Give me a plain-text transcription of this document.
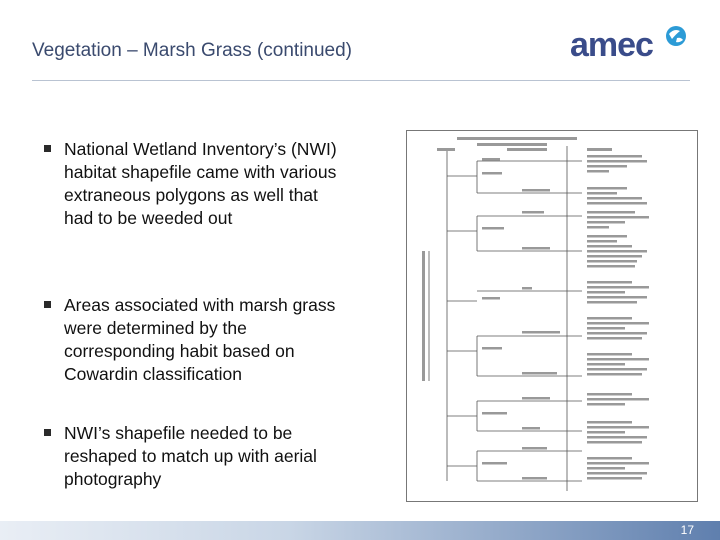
Vegetation – Marsh Grass (continued)	amec
National Wetland Inventory’s (NWI) habitat shapefile came with various extraneous polygons as well that had to be weeded out
Areas associated with marsh grass were determined by the corresponding habit based on Cowardin classification
NWI’s shapefile needed to be reshaped to match up with aerial photography
17
